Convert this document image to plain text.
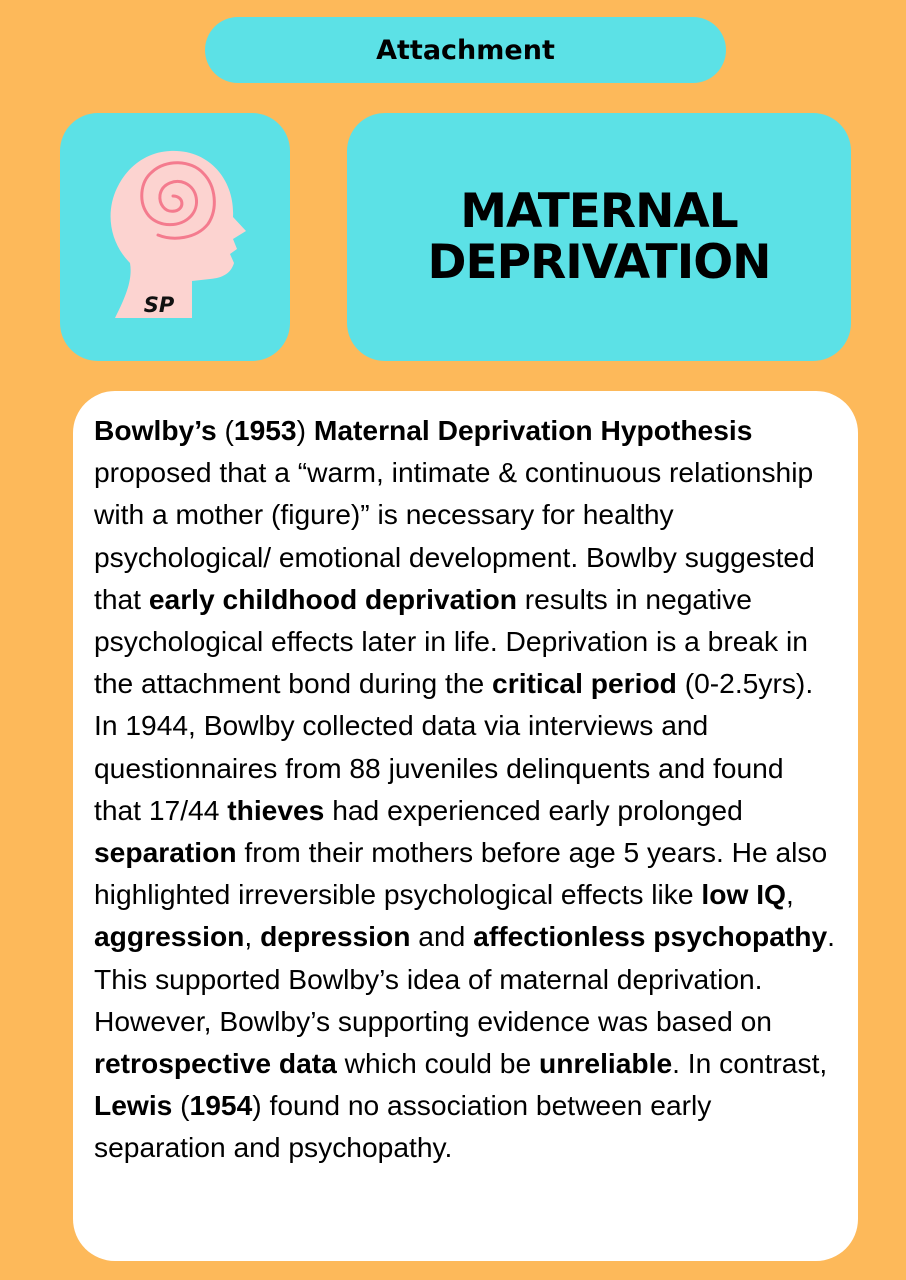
Attachment
SP
MATERNAL
DEPRIVATION

Bowlby’s (1953) Maternal Deprivation Hypothesis proposed that a “warm, intimate & continuous relationship with a mother (figure)” is necessary for healthy psychological/ emotional development. Bowlby suggested that early childhood deprivation results in negative psychological effects later in life. Deprivation is a break in the attachment bond during the critical period (0-2.5yrs). In 1944, Bowlby collected data via interviews and questionnaires from 88 juveniles delinquents and found that 17/44 thieves had experienced early prolonged separation from their mothers before age 5 years. He also highlighted irreversible psychological effects like low IQ, aggression, depression and affectionless psychopathy. This supported Bowlby’s idea of maternal deprivation. However, Bowlby’s supporting evidence was based on retrospective data which could be unreliable. In contrast, Lewis (1954) found no association between early separation and psychopathy.
